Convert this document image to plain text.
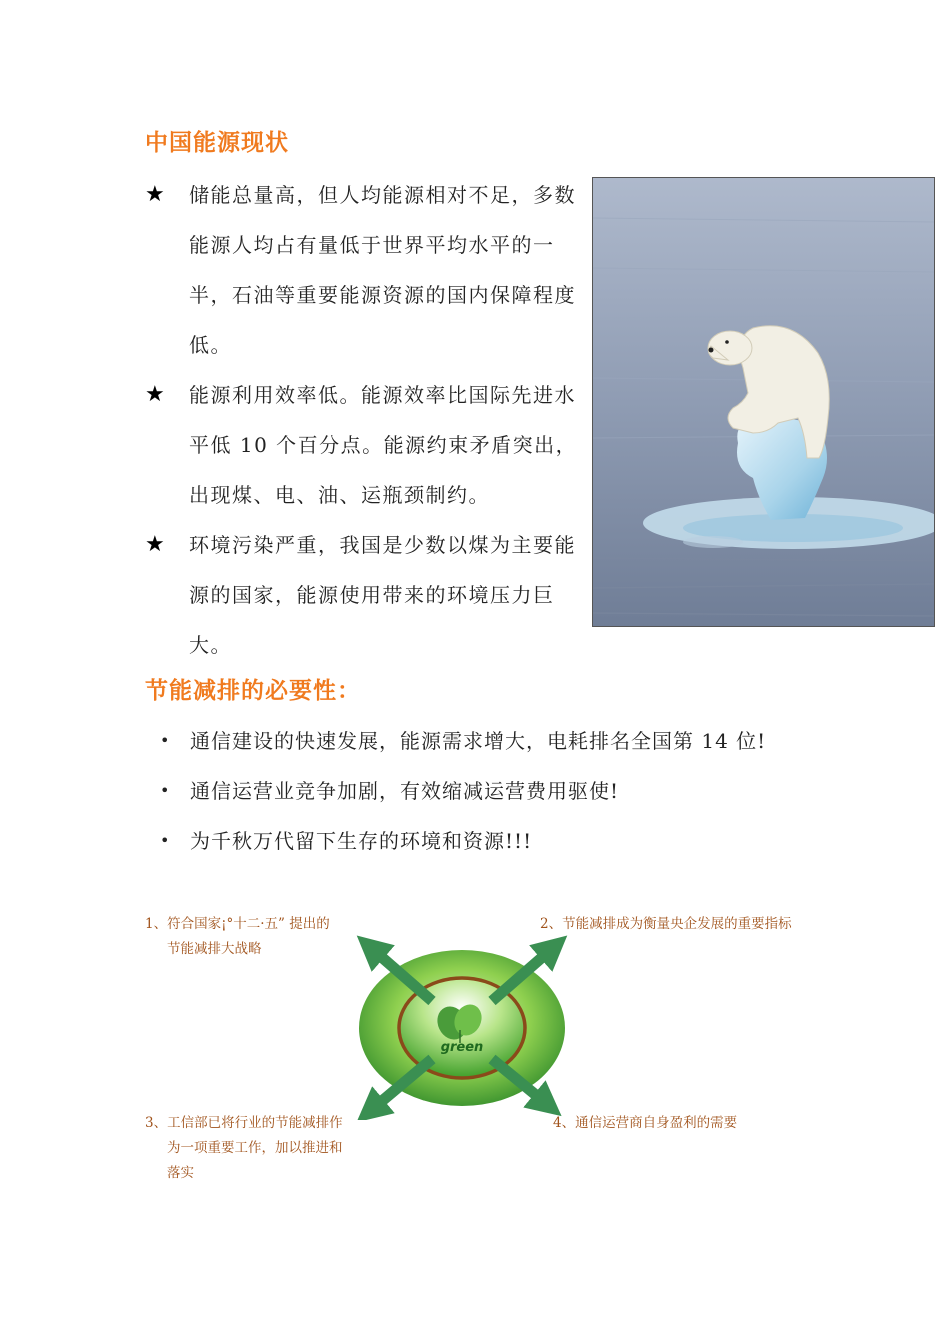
中国能源现状
★ 储能总量高，但人均能源相对不足，多数能源人均占有量低于世界平均水平的一半，石油等重要能源资源的国内保障程度低。
★ 能源利用效率低。能源效率比国际先进水平低 10 个百分点。能源约束矛盾突出，出现煤、电、油、运瓶颈制约。
★ 环境污染严重，我国是少数以煤为主要能源的国家，能源使用带来的环境压力巨大。
节能减排的必要性：
• 通信建设的快速发展，能源需求增大，电耗排名全国第 14 位!
• 通信运营业竞争加剧，有效缩减运营费用驱使!
• 为千秋万代留下生存的环境和资源!!!
1、符合国家¡°十二·五” 提出的
节能减排大战略
2、节能减排成为衡量央企发展的重要指标
3、工信部已将行业的节能减排作
为一项重要工作，加以推进和
落实
4、通信运营商自身盈利的需要
green
